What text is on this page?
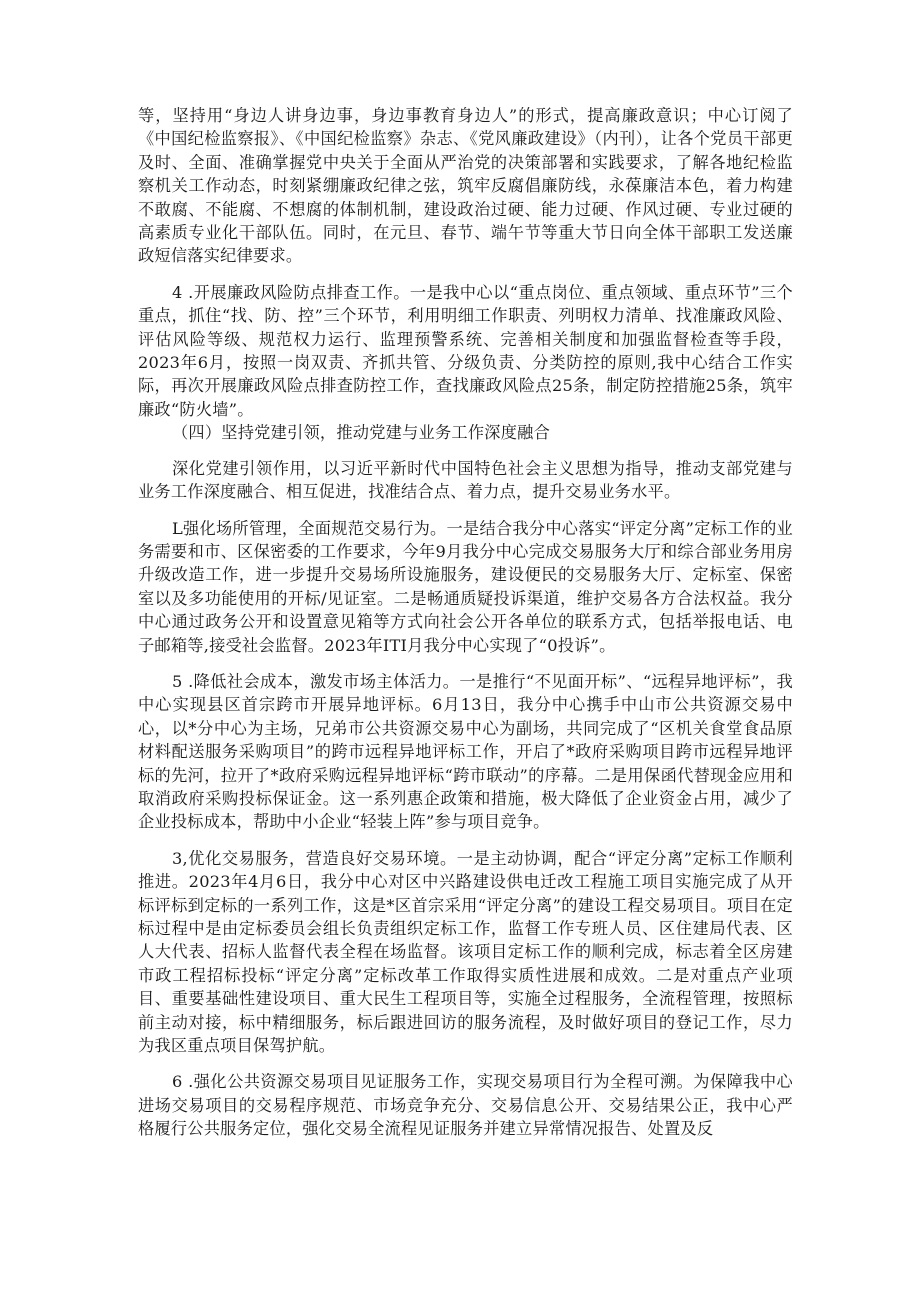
等，坚持用“身边人讲身边事，身边事教育身边人”的形式，提高廉政意识；中心订阅了《中国纪检监察报》、《中国纪检监察》杂志、《党风廉政建设》（内刊），让各个党员干部更及时、全面、准确掌握党中央关于全面从严治党的决策部署和实践要求，了解各地纪检监察机关工作动态，时刻紧绷廉政纪律之弦，筑牢反腐倡廉防线，永葆廉洁本色，着力构建不敢腐、不能腐、不想腐的体制机制，建设政治过硬、能力过硬、作风过硬、专业过硬的高素质专业化干部队伍。同时，在元旦、春节、端午节等重大节日向全体干部职工发送廉政短信落实纪律要求。

4 .开展廉政风险防点排查工作。一是我中心以“重点岗位、重点领域、重点环节”三个重点，抓住“找、防、控”三个环节，利用明细工作职责、列明权力清单、找准廉政风险、评估风险等级、规范权力运行、监理预警系统、完善相关制度和加强监督检查等手段，2023年6月，按照一岗双责、齐抓共管、分级负责、分类防控的原则,我中心结合工作实际，再次开展廉政风险点排查防控工作，查找廉政风险点25条，制定防控措施25条，筑牢廉政“防火墙”。

（四）坚持党建引领，推动党建与业务工作深度融合

深化党建引领作用，以习近平新时代中国特色社会主义思想为指导，推动支部党建与业务工作深度融合、相互促进，找准结合点、着力点，提升交易业务水平。

L强化场所管理，全面规范交易行为。一是结合我分中心落实“评定分离”定标工作的业务需要和市、区保密委的工作要求，今年9月我分中心完成交易服务大厅和综合部业务用房升级改造工作，进一步提升交易场所设施服务，建设便民的交易服务大厅、定标室、保密室以及多功能使用的开标/见证室。二是畅通质疑投诉渠道，维护交易各方合法权益。我分中心通过政务公开和设置意见箱等方式向社会公开各单位的联系方式，包括举报电话、电子邮箱等,接受社会监督。2023年ITI月我分中心实现了“0投诉”。

5 .降低社会成本，激发市场主体活力。一是推行“不见面开标”、“远程异地评标”，我中心实现县区首宗跨市开展异地评标。6月13日，我分中心携手中山市公共资源交易中心，以*分中心为主场，兄弟市公共资源交易中心为副场，共同完成了“区机关食堂食品原材料配送服务采购项目”的跨市远程异地评标工作，开启了*政府采购项目跨市远程异地评标的先河，拉开了*政府采购远程异地评标“跨市联动”的序幕。二是用保函代替现金应用和取消政府采购投标保证金。这一系列惠企政策和措施，极大降低了企业资金占用，减少了企业投标成本，帮助中小企业“轻装上阵”参与项目竞争。

3,优化交易服务，营造良好交易环境。一是主动协调，配合“评定分离”定标工作顺利推进。2023年4月6日，我分中心对区中兴路建设供电迁改工程施工项目实施完成了从开标评标到定标的一系列工作，这是*区首宗采用“评定分离”的建设工程交易项目。项目在定标过程中是由定标委员会组长负责组织定标工作，监督工作专班人员、区住建局代表、区人大代表、招标人监督代表全程在场监督。该项目定标工作的顺利完成，标志着全区房建市政工程招标投标“评定分离”定标改革工作取得实质性进展和成效。二是对重点产业项目、重要基础性建设项目、重大民生工程项目等，实施全过程服务，全流程管理，按照标前主动对接，标中精细服务，标后跟进回访的服务流程，及时做好项目的登记工作，尽力为我区重点项目保驾护航。

6 .强化公共资源交易项目见证服务工作，实现交易项目行为全程可溯。为保障我中心进场交易项目的交易程序规范、市场竞争充分、交易信息公开、交易结果公正，我中心严格履行公共服务定位，强化交易全流程见证服务并建立异常情况报告、处置及反
